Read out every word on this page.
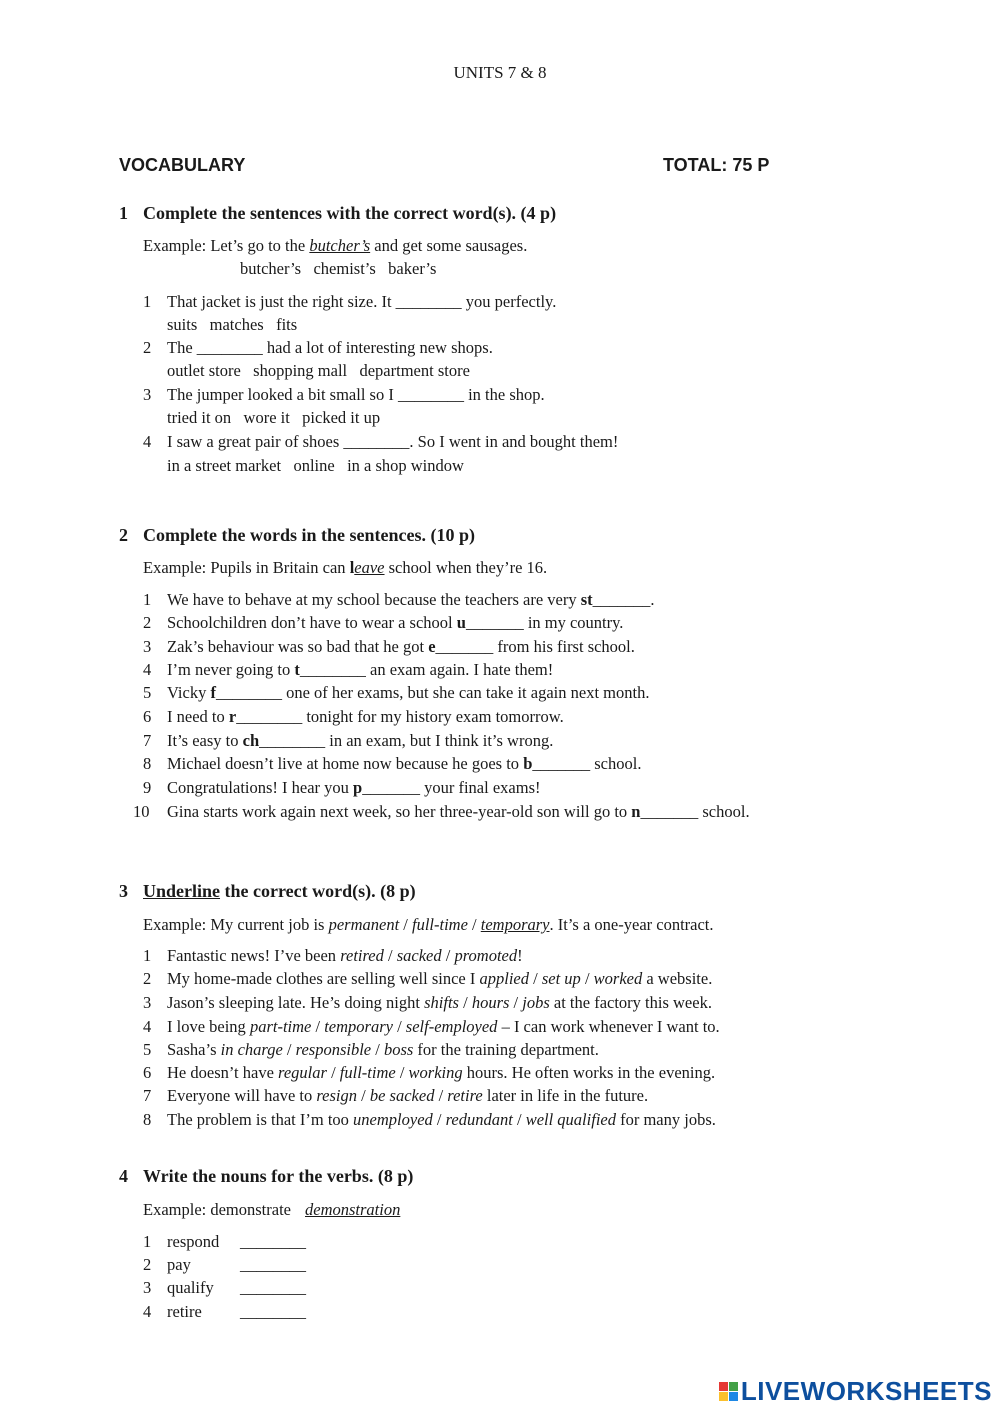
UNITS 7 & 8
VOCABULARY	TOTAL: 75 P
1 Complete the sentences with the correct word(s). (4 p)
Example: Let’s go to the butcher’s and get some sausages.
butcher’s   chemist’s   baker’s
1 That jacket is just the right size. It ________ you perfectly.
suits   matches   fits
2 The ________ had a lot of interesting new shops.
outlet store   shopping mall   department store
3 The jumper looked a bit small so I ________ in the shop.
tried it on   wore it   picked it up
4 I saw a great pair of shoes ________. So I went in and bought them!
in a street market   online   in a shop window
2 Complete the words in the sentences. (10 p)
Example: Pupils in Britain can leave school when they’re 16.
1 We have to behave at my school because the teachers are very st_______.
2 Schoolchildren don’t have to wear a school u_______ in my country.
3 Zak’s behaviour was so bad that he got e_______ from his first school.
4 I’m never going to t________ an exam again. I hate them!
5 Vicky f________ one of her exams, but she can take it again next month.
6 I need to r________ tonight for my history exam tomorrow.
7 It’s easy to ch________ in an exam, but I think it’s wrong.
8 Michael doesn’t live at home now because he goes to b_______ school.
9 Congratulations! I hear you p_______ your final exams!
10 Gina starts work again next week, so her three-year-old son will go to n_______ school.
3 Underline the correct word(s). (8 p)
Example: My current job is permanent / full-time / temporary. It’s a one-year contract.
1 Fantastic news! I’ve been retired / sacked / promoted!
2 My home-made clothes are selling well since I applied / set up / worked a website.
3 Jason’s sleeping late. He’s doing night shifts / hours / jobs at the factory this week.
4 I love being part-time / temporary / self-employed – I can work whenever I want to.
5 Sasha’s in charge / responsible / boss for the training department.
6 He doesn’t have regular / full-time / working hours. He often works in the evening.
7 Everyone will have to resign / be sacked / retire later in life in the future.
8 The problem is that I’m too unemployed / redundant / well qualified for many jobs.
4 Write the nouns for the verbs. (8 p)
Example: demonstrate demonstration
1 respond ________
2 pay	________
3 qualify ________
4 retire ________
LIVEWORKSHEETS
